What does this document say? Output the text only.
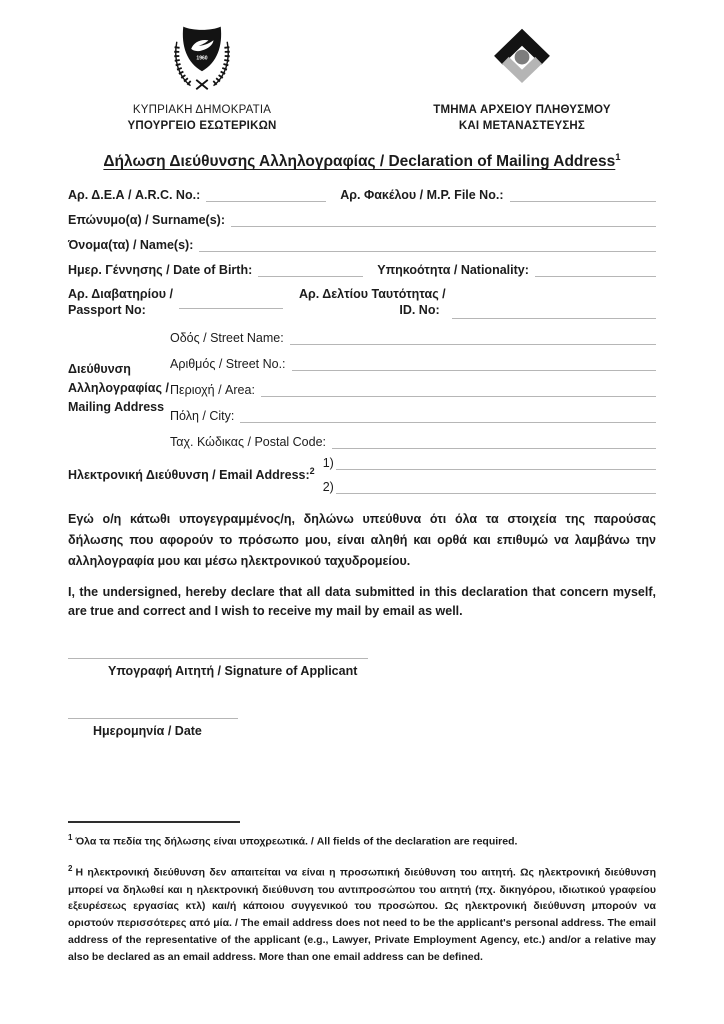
1960
ΚΥΠΡΙΑΚΗ ΔΗΜΟΚΡΑΤΙΑ
ΥΠΟΥΡΓΕΙΟ ΕΣΩΤΕΡΙΚΩΝ
ΤΜΗΜΑ ΑΡΧΕΙΟΥ ΠΛΗΘΥΣΜΟΥ
ΚΑΙ ΜΕΤΑΝΑΣΤΕΥΣΗΣ
Δήλωση Διεύθυνσης Αλληλογραφίας / Declaration of Mailing Address$^1$
Αρ. Δ.Ε.Α / A.R.C. No.:	Αρ. Φακέλου / M.P. File No.:
Επώνυμο(α) / Surname(s):
Όνομα(τα) / Name(s):
Ημερ. Γέννησης / Date of Birth:	Υπηκοότητα / Nationality:
Αρ. Διαβατηρίου /
Passport No:
Αρ. Δελτίου Ταυτότητας /
ID. No:
Διεύθυνση
Αλληλογραφίας /
Mailing Address
Οδός / Street Name:
Αριθμός / Street No.:
Περιοχή / Area:
Πόλη / City:
Ταχ. Κώδικας / Postal Code:
Ηλεκτρονική Διεύθυνση / Email Address:$^2$
1)
2)

Εγώ ο/η κάτωθι υπογεγραμμένος/η, δηλώνω υπεύθυνα ότι όλα τα στοιχεία της παρούσας δήλωσης που αφορούν το πρόσωπο μου, είναι αληθή και ορθά και επιθυμώ να λαμβάνω την αλληλογραφία μου και μέσω ηλεκτρονικού ταχυδρομείου.

I, the undersigned, hereby declare that all data submitted in this declaration that concern myself, are true and correct and I wish to receive my mail by email as well.

Υπογραφή Αιτητή / Signature of Applicant
Ημερομηνία / Date
$^1$ Όλα τα πεδία της δήλωσης είναι υποχρεωτικά. / All fields of the declaration are required.
$^2$ Η ηλεκτρονική διεύθυνση δεν απαιτείται να είναι η προσωπική διεύθυνση του αιτητή. Ως ηλεκτρονική διεύθυνση μπορεί να δηλωθεί και η ηλεκτρονική διεύθυνση του αντιπροσώπου του αιτητή (πχ. δικηγόρου, ιδιωτικού γραφείου εξευρέσεως εργασίας κτλ) και/ή κάποιου συγγενικού του προσώπου. Ως ηλεκτρονική διεύθυνση μπορούν να οριστούν περισσότερες από μία. / The email address does not need to be the applicant's personal address. The email address of the representative of the applicant (e.g., Lawyer, Private Employment Agency, etc.) and/or a relative may also be declared as an email address. More than one email address can be defined.
